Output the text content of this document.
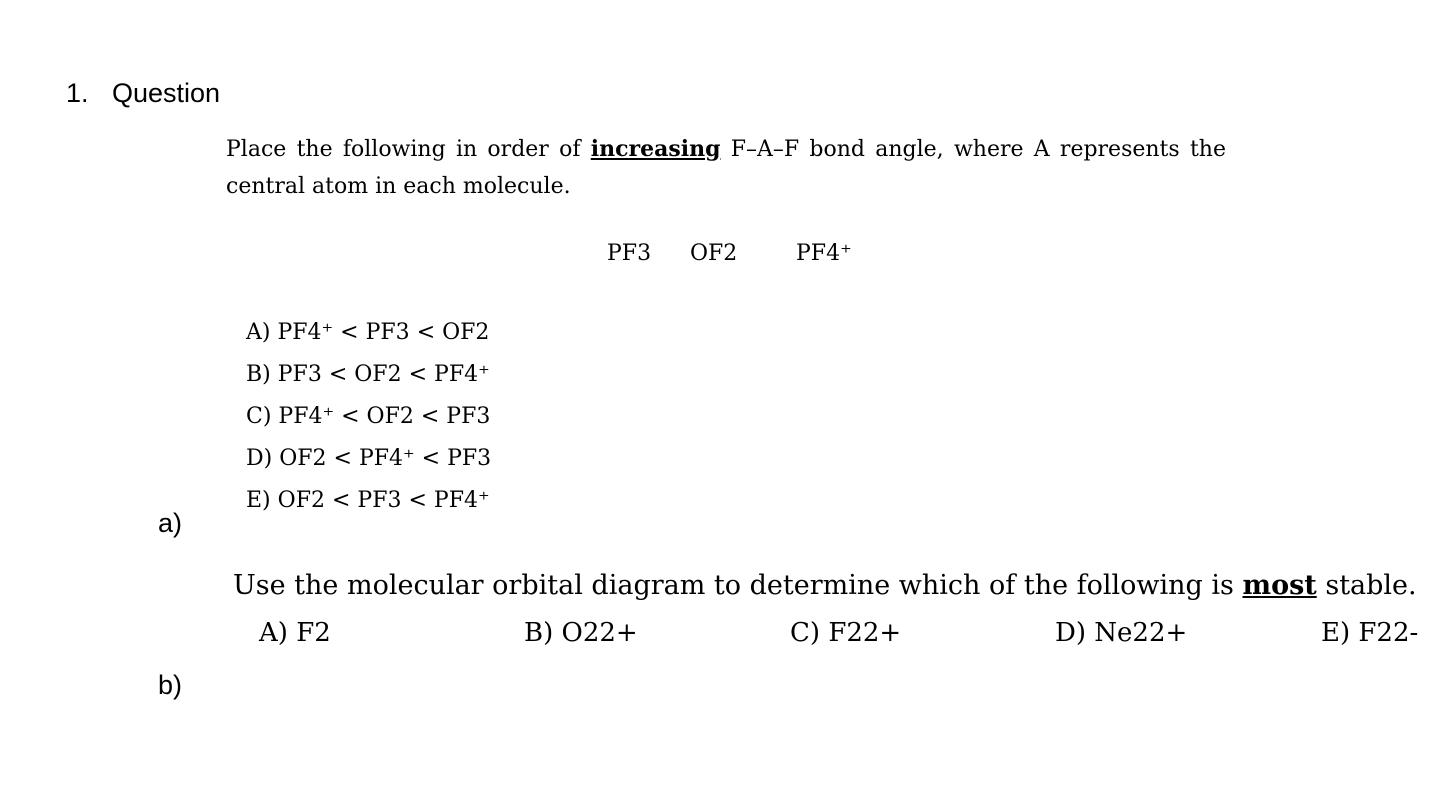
1. Question
Place the following in order of increasing F–A–F bond angle, where A represents the central atom in each molecule.
PF3 OF2	PF4⁺
A) PF4⁺ < PF3 < OF2
B) PF3 < OF2 < PF4⁺
C) PF4⁺ < OF2 < PF3
D) OF2 < PF4⁺ < PF3
E) OF2 < PF3 < PF4⁺
a)
Use the molecular orbital diagram to determine which of the following is most stable.
A) F2	B) O22+	C) F22+	D) Ne22+	E) F22-
b)
